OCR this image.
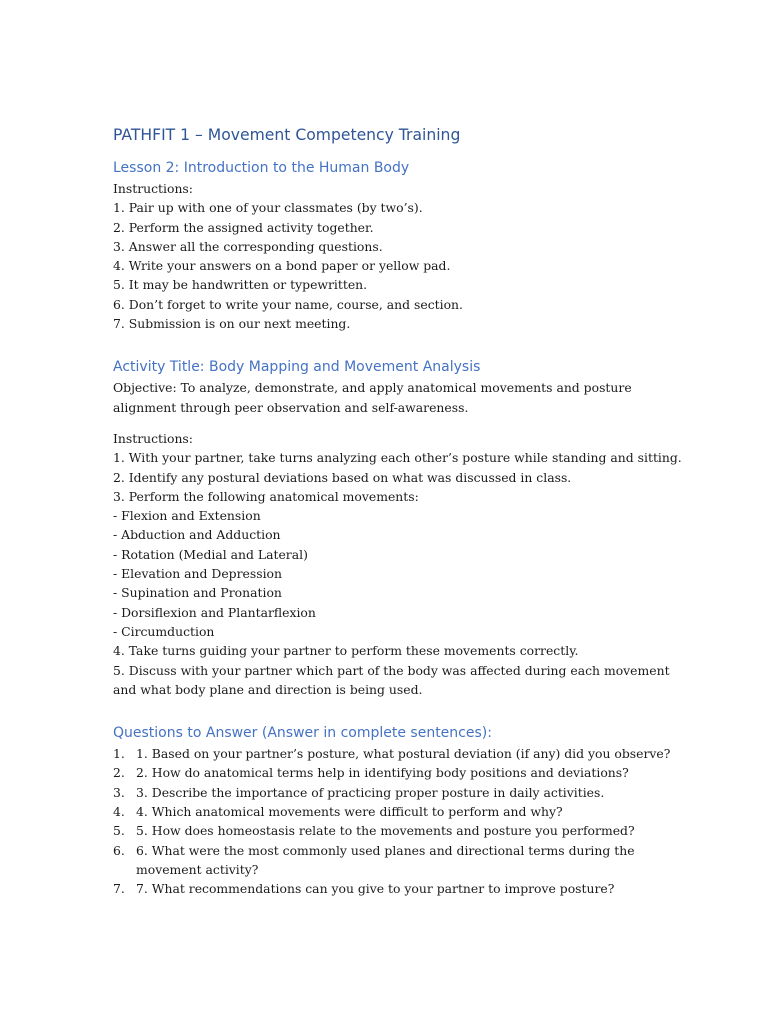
PATHFIT 1 – Movement Competency Training
Lesson 2: Introduction to the Human Body
Instructions:
1. Pair up with one of your classmates (by two’s).
2. Perform the assigned activity together.
3. Answer all the corresponding questions.
4. Write your answers on a bond paper or yellow pad.
5. It may be handwritten or typewritten.
6. Don’t forget to write your name, course, and section.
7. Submission is on our next meeting.
Activity Title: Body Mapping and Movement Analysis
Objective: To analyze, demonstrate, and apply anatomical movements and posture
alignment through peer observation and self-awareness.
Instructions:
1. With your partner, take turns analyzing each other’s posture while standing and sitting.
2. Identify any postural deviations based on what was discussed in class.
3. Perform the following anatomical movements:
- Flexion and Extension
- Abduction and Adduction
- Rotation (Medial and Lateral)
- Elevation and Depression
- Supination and Pronation
- Dorsiflexion and Plantarflexion
- Circumduction
4. Take turns guiding your partner to perform these movements correctly.
5. Discuss with your partner which part of the body was affected during each movement
and what body plane and direction is being used.
Questions to Answer (Answer in complete sentences):
1. 1. Based on your partner’s posture, what postural deviation (if any) did you observe?
2. 2. How do anatomical terms help in identifying body positions and deviations?
3. 3. Describe the importance of practicing proper posture in daily activities.
4. 4. Which anatomical movements were difficult to perform and why?
5. 5. How does homeostasis relate to the movements and posture you performed?
6. 6. What were the most commonly used planes and directional terms during the movement activity?
7. 7. What recommendations can you give to your partner to improve posture?
